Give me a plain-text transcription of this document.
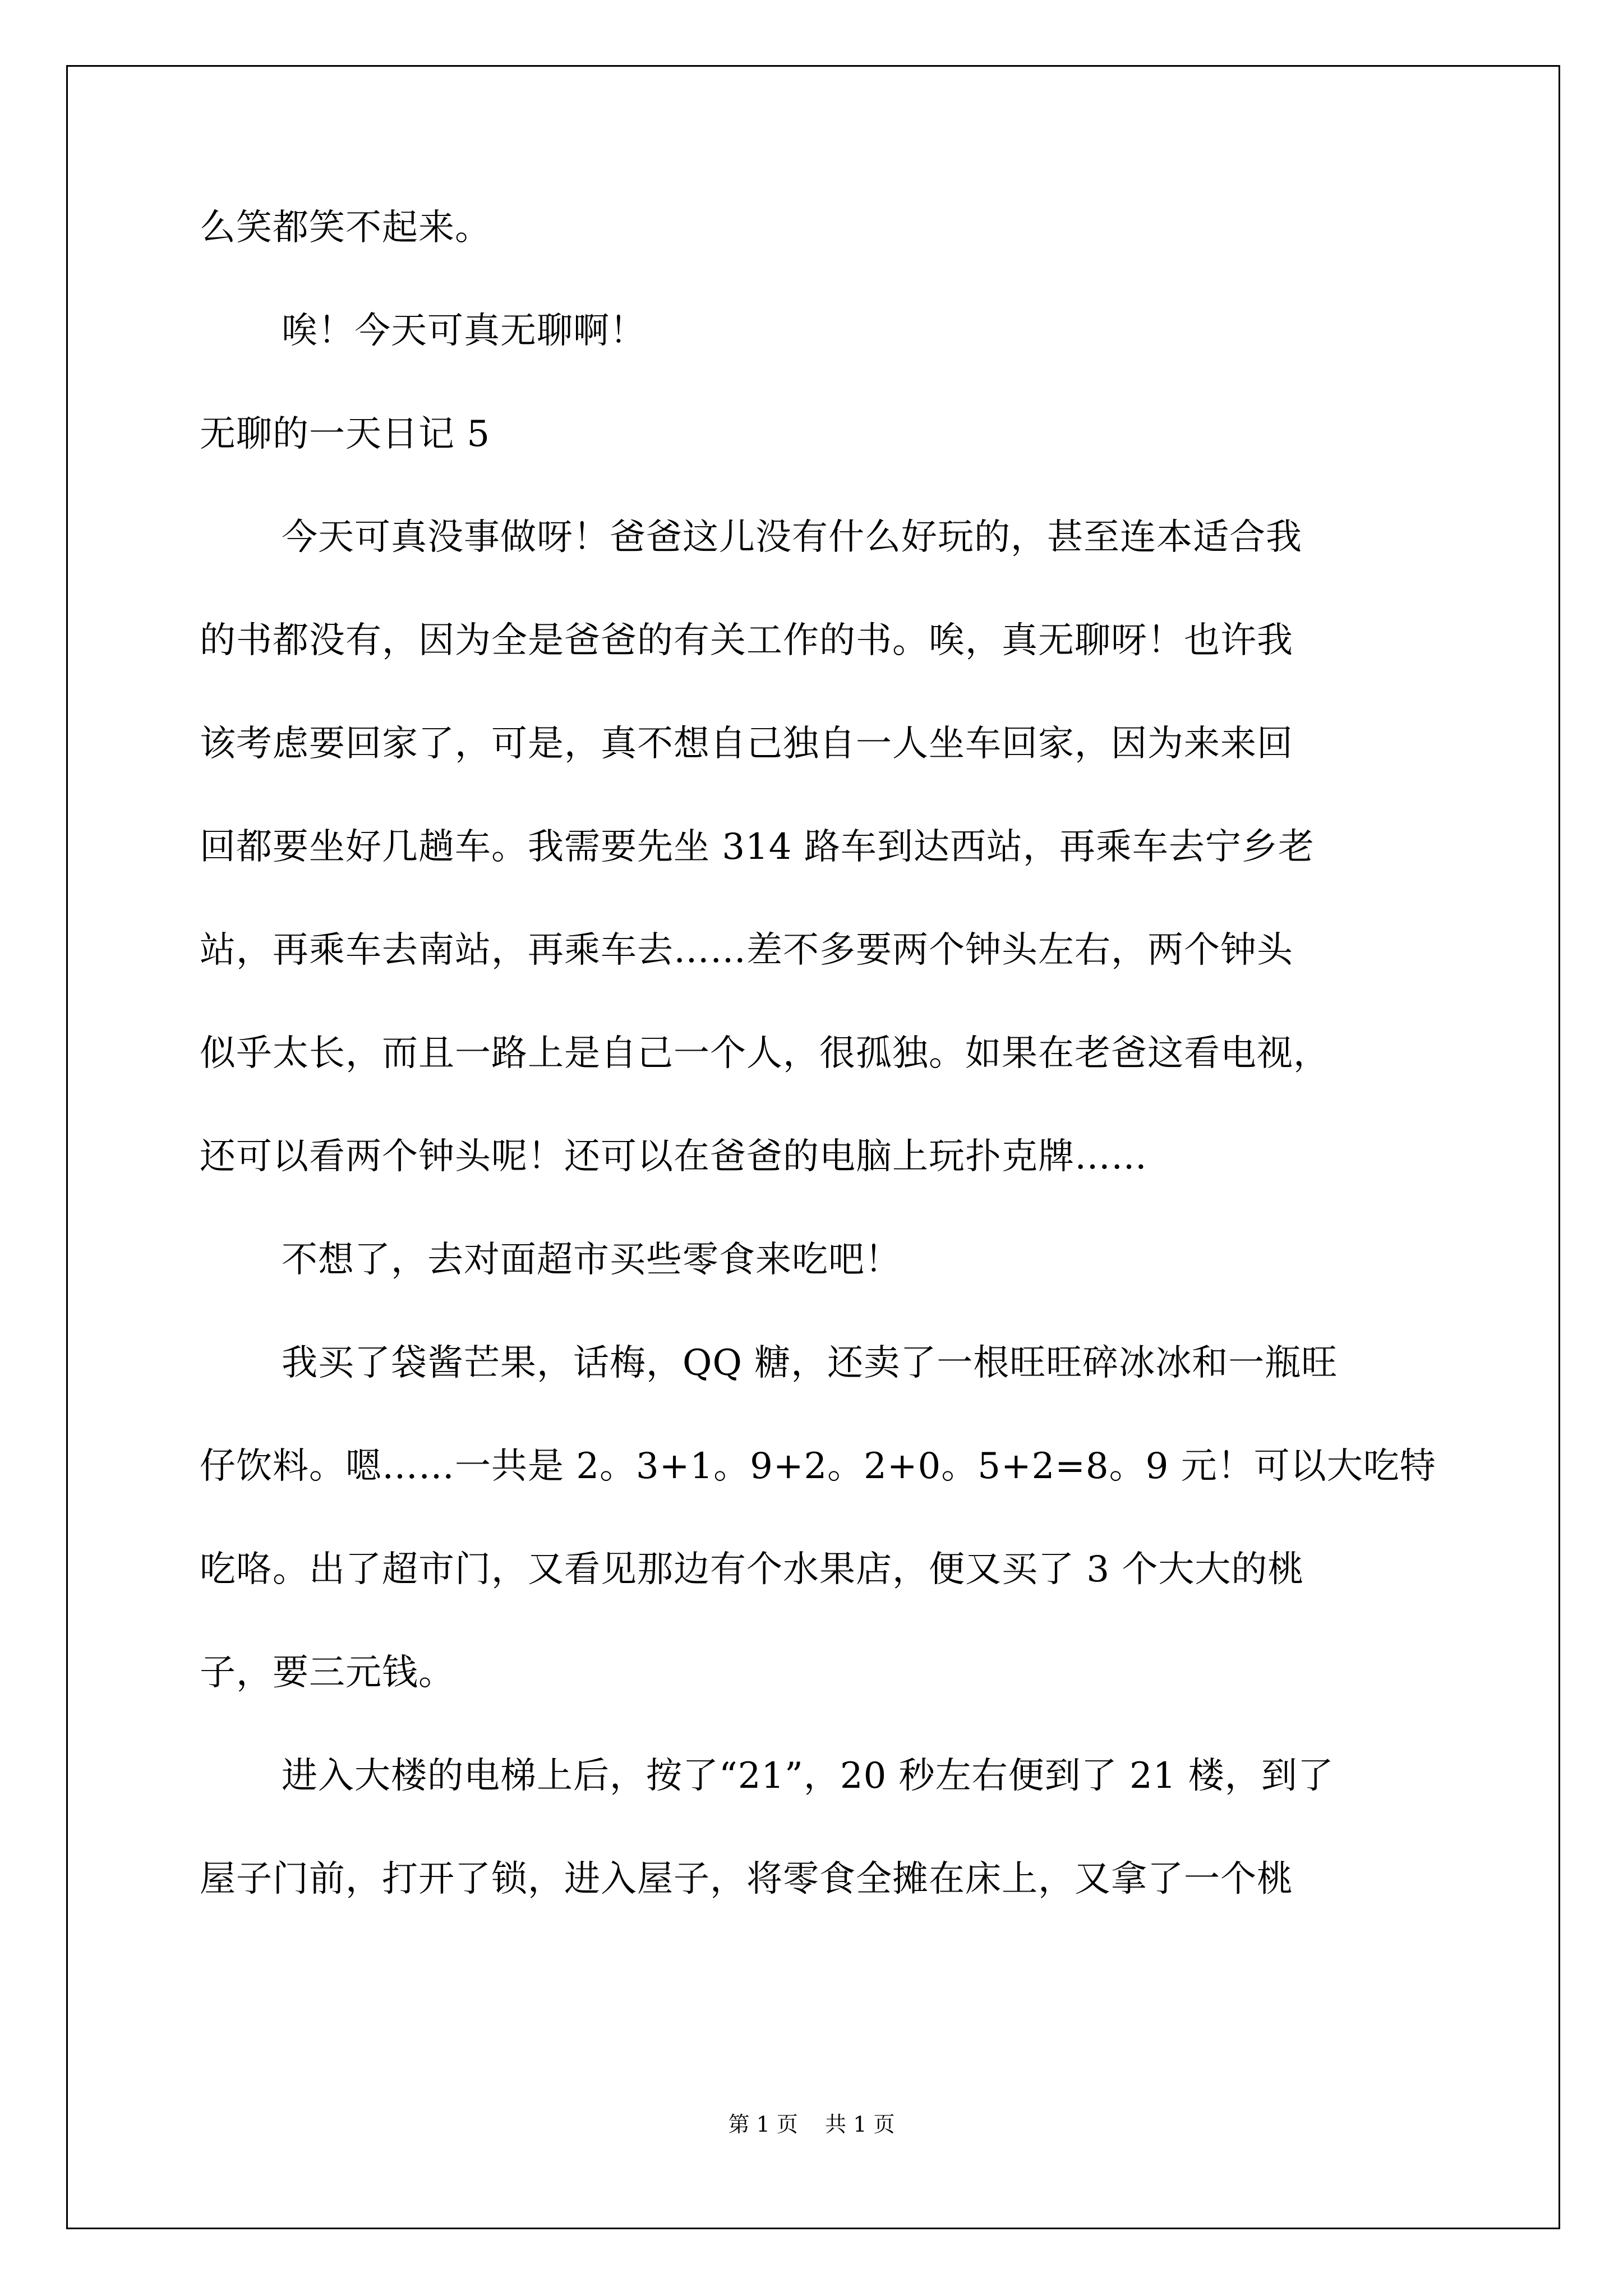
么笑都笑不起来。

唉！今天可真无聊啊！

无聊的一天日记 5

今天可真没事做呀！爸爸这儿没有什么好玩的，甚至连本适合我

的书都没有，因为全是爸爸的有关工作的书。唉，真无聊呀！也许我

该考虑要回家了，可是，真不想自己独自一人坐车回家，因为来来回

回都要坐好几趟车。我需要先坐 314 路车到达西站，再乘车去宁乡老

站，再乘车去南站，再乘车去……差不多要两个钟头左右，两个钟头

似乎太长，而且一路上是自己一个人，很孤独。如果在老爸这看电视，

还可以看两个钟头呢！还可以在爸爸的电脑上玩扑克牌……

不想了，去对面超市买些零食来吃吧！

我买了袋酱芒果，话梅，QQ 糖，还卖了一根旺旺碎冰冰和一瓶旺

仔饮料。嗯……一共是 2。3+1。9+2。2+0。5+2=8。9 元！可以大吃特

吃咯。出了超市门，又看见那边有个水果店，便又买了 3 个大大的桃

子，要三元钱。

进入大楼的电梯上后，按了“21”，20 秒左右便到了 21 楼，到了

屋子门前，打开了锁，进入屋子，将零食全摊在床上，又拿了一个桃

第 1 页    共 1 页
